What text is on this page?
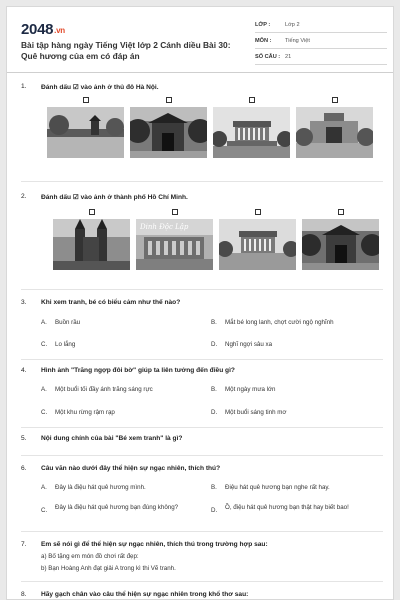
2048.vn
Bài tập hàng ngày Tiếng Việt lớp 2 Cánh diều Bài 30: Quê hương của em có đáp án
LỚP :	Lớp 2
MÔN :	Tiếng Việt
SỐ CÂU : 21
1.	Đánh dấu ☑ vào ảnh ở thủ đô Hà Nội.
2.	Đánh dấu ☑ vào ảnh ở thành phố Hồ Chí Minh.
Dinh Độc Lập
3.	Khi xem tranh, bé có biểu cảm như thế nào?
A. Buồn rầu	B. Mắt bé long lanh, chợt cười ngộ nghĩnh
C. Lo lắng	D. Nghĩ ngợi sâu xa
4.	Hình ảnh "Trăng ngợp đôi bờ" giúp ta liên tưởng đến điều gì?
A. Một buổi tối đầy ánh trăng sáng rực	B. Một ngày mưa lớn
C. Một khu rừng rậm rạp	D. Một buổi sáng tinh mơ
5.	Nội dung chính của bài "Bé xem tranh" là gì?
6.	Câu văn nào dưới đây thể hiện sự ngạc nhiên, thích thú?
A. Đây là điệu hát quê hương mình.	B. Điệu hát quê hương bạn nghe rất hay.
C. Đây là điệu hát quê hương bạn đúng không?	D. Ồ, điệu hát quê hương bạn thật hay biết bao!
7.	Em sẽ nói gì để thể hiện sự ngạc nhiên, thích thú trong trường hợp sau:
a) Bố tặng em món đồ chơi rất đẹp:
b) Bạn Hoàng Anh đạt giải A trong kì thi Vẽ tranh.
8.	Hãy gạch chân vào câu thể hiện sự ngạc nhiên trong khổ thơ sau:
